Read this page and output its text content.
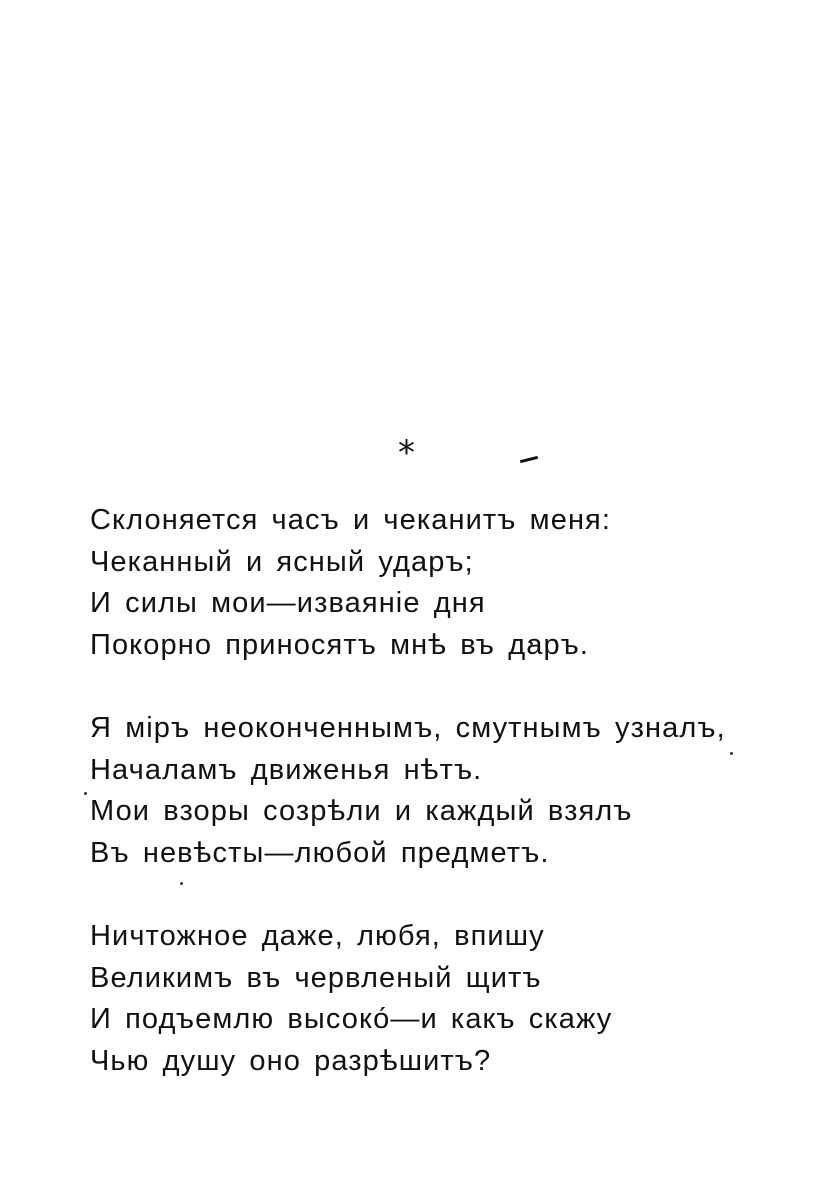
*
Склоняется часъ и чеканитъ меня:
Чеканный и ясный ударъ;
И силы мои—изваянiе дня
Покорно приносятъ мнѣ въ даръ.
Я мiръ неоконченнымъ, смутнымъ узналъ,
Началамъ движенья нѣтъ.
Мои взоры созрѣли и каждый взялъ
Въ невѣсты—любой предметъ.
Ничтожное даже, любя, впишу
Великимъ въ червленый щитъ
И подъемлю высоко́—и какъ скажу
Чью душу оно разрѣшитъ?
